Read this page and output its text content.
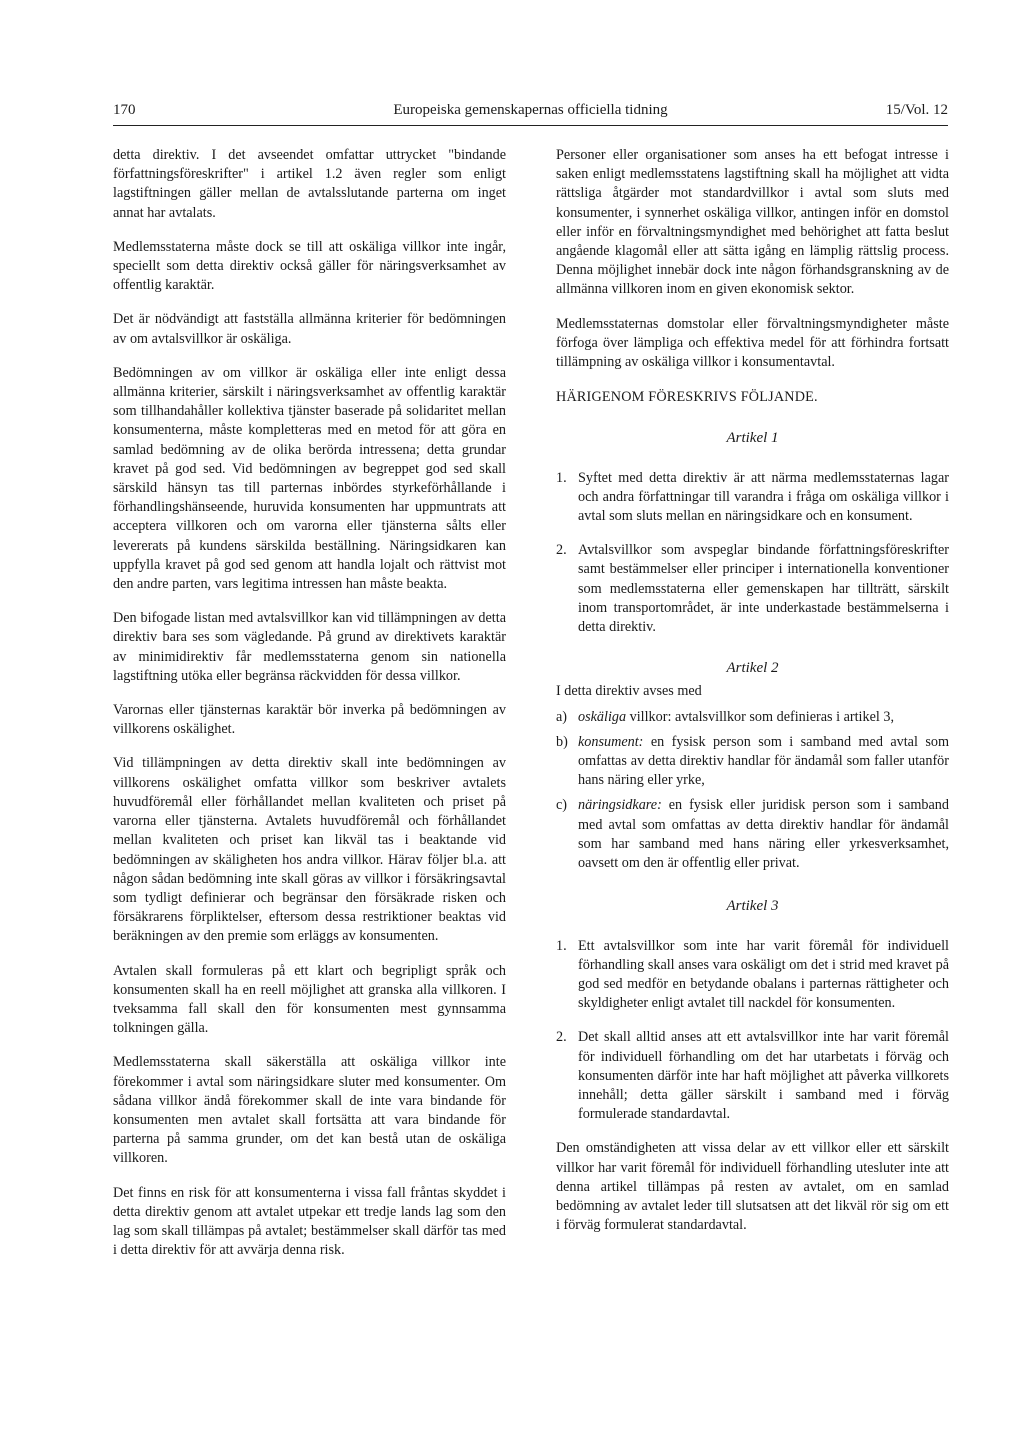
170	Europeiska gemenskapernas officiella tidning	15/Vol. 12

detta direktiv. I det avseendet omfattar uttrycket "bindande författningsföreskrifter" i artikel 1.2 även regler som enligt lagstiftningen gäller mellan de avtalsslutande parterna om inget annat har avtalats.

Medlemsstaterna måste dock se till att oskäliga villkor inte ingår, speciellt som detta direktiv också gäller för näringsverksamhet av offentlig karaktär.

Det är nödvändigt att fastställa allmänna kriterier för bedömningen av om avtalsvillkor är oskäliga.

Bedömningen av om villkor är oskäliga eller inte enligt dessa allmänna kriterier, särskilt i näringsverksamhet av offentlig karaktär som tillhandahåller kollektiva tjänster baserade på solidaritet mellan konsumenterna, måste kompletteras med en metod för att göra en samlad bedömning av de olika berörda intressena; detta grundar kravet på god sed. Vid bedömningen av begreppet god sed skall särskild hänsyn tas till parternas inbördes styrkeförhållande i förhandlingshänseende, huruvida konsumenten har uppmuntrats att acceptera villkoren och om varorna eller tjänsterna sålts eller levererats på kundens särskilda beställning. Näringsidkaren kan uppfylla kravet på god sed genom att handla lojalt och rättvist mot den andre parten, vars legitima intressen han måste beakta.

Den bifogade listan med avtalsvillkor kan vid tillämpningen av detta direktiv bara ses som vägledande. På grund av direktivets karaktär av minimidirektiv får medlemsstaterna genom sin nationella lagstiftning utöka eller begränsa räckvidden för dessa villkor.

Varornas eller tjänsternas karaktär bör inverka på bedömningen av villkorens oskälighet.

Vid tillämpningen av detta direktiv skall inte bedömningen av villkorens oskälighet omfatta villkor som beskriver avtalets huvudföremål eller förhållandet mellan kvaliteten och priset på varorna eller tjänsterna. Avtalets huvudföremål och förhållandet mellan kvaliteten och priset kan likväl tas i beaktande vid bedömningen av skäligheten hos andra villkor. Härav följer bl.a. att någon sådan bedömning inte skall göras av villkor i försäkringsavtal som tydligt definierar och begränsar den försäkrade risken och försäkrarens förpliktelser, eftersom dessa restriktioner beaktas vid beräkningen av den premie som erläggs av konsumenten.

Avtalen skall formuleras på ett klart och begripligt språk och konsumenten skall ha en reell möjlighet att granska alla villkoren. I tveksamma fall skall den för konsumenten mest gynnsamma tolkningen gälla.

Medlemsstaterna skall säkerställa att oskäliga villkor inte förekommer i avtal som näringsidkare sluter med konsumenter. Om sådana villkor ändå förekommer skall de inte vara bindande för konsumenten men avtalet skall fortsätta att vara bindande för parterna på samma grunder, om det kan bestå utan de oskäliga villkoren.

Det finns en risk för att konsumenterna i vissa fall fråntas skyddet i detta direktiv genom att avtalet utpekar ett tredje lands lag som den lag som skall tillämpas på avtalet; bestämmelser skall därför tas med i detta direktiv för att avvärja denna risk.

Personer eller organisationer som anses ha ett befogat intresse i saken enligt medlemsstatens lagstiftning skall ha möjlighet att vidta rättsliga åtgärder mot standardvillkor i avtal som sluts med konsumenter, i synnerhet oskäliga villkor, antingen inför en domstol eller inför en förvaltningsmyndighet med behörighet att fatta beslut angående klagomål eller att sätta igång en lämplig rättslig process. Denna möjlighet innebär dock inte någon förhandsgranskning av de allmänna villkoren inom en given ekonomisk sektor.

Medlemsstaternas domstolar eller förvaltningsmyndigheter måste förfoga över lämpliga och effektiva medel för att förhindra fortsatt tillämpning av oskäliga villkor i konsumentavtal.

HÄRIGENOM FÖRESKRIVS FÖLJANDE.
Artikel 1
1. Syftet med detta direktiv är att närma medlemsstaternas lagar och andra författningar till varandra i fråga om oskäliga villkor i avtal som sluts mellan en näringsidkare och en konsument.
2. Avtalsvillkor som avspeglar bindande författningsföreskrifter samt bestämmelser eller principer i internationella konventioner som medlemsstaterna eller gemenskapen har tillträtt, särskilt inom transportområdet, är inte underkastade bestämmelserna i detta direktiv.
Artikel 2
I detta direktiv avses med
a) oskäliga villkor: avtalsvillkor som definieras i artikel 3,
b) konsument: en fysisk person som i samband med avtal som omfattas av detta direktiv handlar för ändamål som faller utanför hans näring eller yrke,
c) näringsidkare: en fysisk eller juridisk person som i samband med avtal som omfattas av detta direktiv handlar för ändamål som har samband med hans näring eller yrkesverksamhet, oavsett om den är offentlig eller privat.
Artikel 3
1. Ett avtalsvillkor som inte har varit föremål för individuell förhandling skall anses vara oskäligt om det i strid med kravet på god sed medför en betydande obalans i parternas rättigheter och skyldigheter enligt avtalet till nackdel för konsumenten.
2. Det skall alltid anses att ett avtalsvillkor inte har varit föremål för individuell förhandling om det har utarbetats i förväg och konsumenten därför inte har haft möjlighet att påverka villkorets innehåll; detta gäller särskilt i samband med i förväg formulerade standardavtal.

Den omständigheten att vissa delar av ett villkor eller ett särskilt villkor har varit föremål för individuell förhandling utesluter inte att denna artikel tillämpas på resten av avtalet, om en samlad bedömning av avtalet leder till slutsatsen att det likväl rör sig om ett i förväg formulerat standardavtal.
